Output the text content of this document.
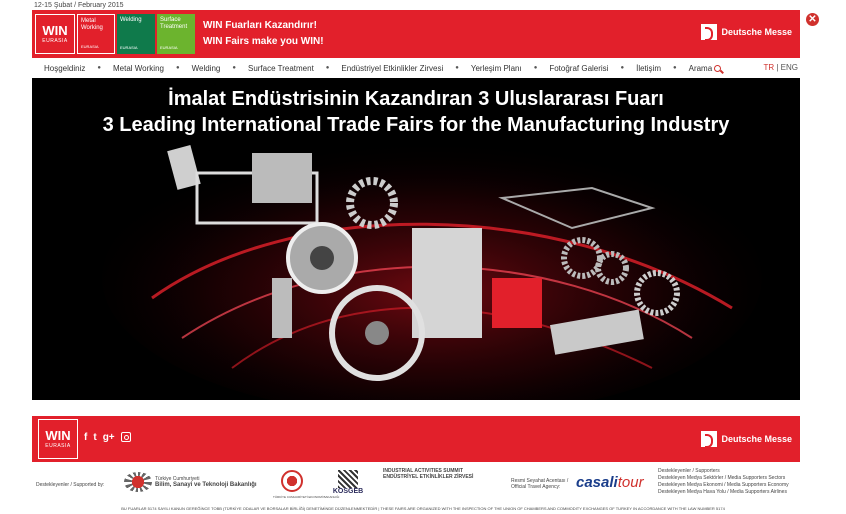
12-15 Şubat / February 2015
✕
WIN
EURASIA
Metal Working
EURASIA
Welding
EURASIA
Surface Treatment
EURASIA
WIN Fuarları Kazandırır!
WIN Fairs make you WIN!
Deutsche Messe
Hoşgeldiniz	●	Metal Working	●	Welding	●	Surface Treatment	●	Endüstriyel Etkinlikler Zirvesi	●	Yerleşim Planı	●	Fotoğraf Galerisi	●	İletişim	●	Arama	TR | ENG
İmalat Endüstrisinin Kazandıran 3 Uluslararası Fuarı
3 Leading International Trade Fairs for the Manufacturing Industry
WIN
EURASIA
f t g+	Deutsche Messe
Destekleyenler / Supported by:
Türkiye Cumhuriyeti
Bilim, Sanayi ve Teknoloji Bakanlığı
TÜRKİYE CUMHURİYETİ EKONOMİ BAKANLIĞI
KOSGEB
INDUSTRIAL ACTIVITIES SUMMIT
ENDÜSTRİYEL ETKİNLİKLER ZİRVESİ
Resmi Seyahat Acentası / Official Travel Agency:	casalitour
Destekleyenler / Supporters
Destekleyen Medya Sektörler / Media Supporters Sectors
Destekleyen Medya Ekonomi / Media Supporters Economy
Destekleyen Medya Hava Yolu / Media Supporters Airlines
BU FUARLAR 5174 SAYILI KANUN GEREĞİNCE TOBB (TÜRKİYE ODALAR VE BORSALAR BİRLİĞİ) DENETİMİNDE DÜZENLENMEKTEDİR | THESE FAIRS ARE ORGANIZED WITH THE INSPECTION OF THE UNION OF CHAMBERS AND COMMODITY EXCHANGES OF TURKEY IN ACCORDANCE WITH THE LAW NUMBER 5174
